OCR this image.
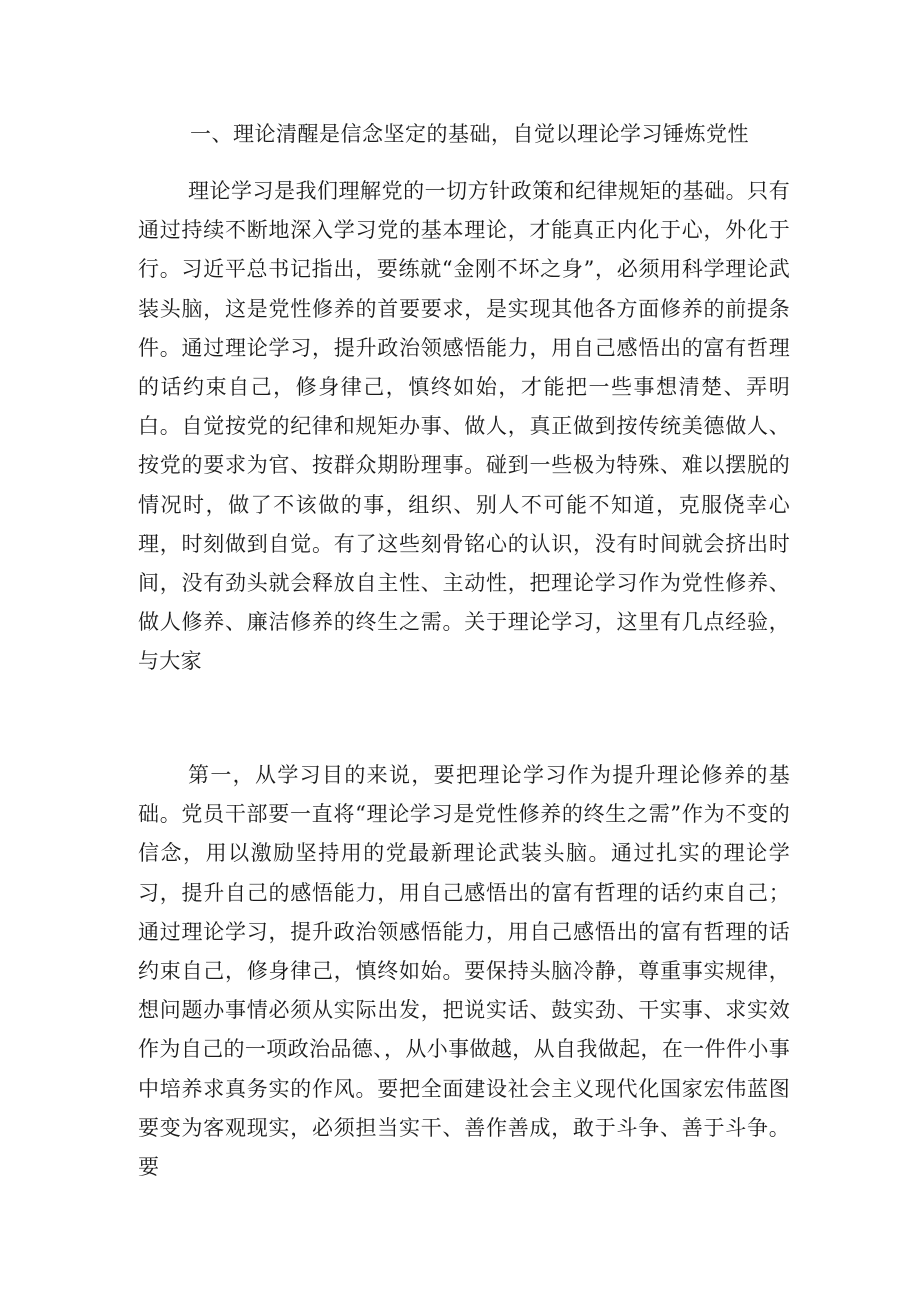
一、理论清醒是信念坚定的基础，自觉以理论学习锤炼党性

理论学习是我们理解党的一切方针政策和纪律规矩的基础。只有通过持续不断地深入学习党的基本理论，才能真正内化于心，外化于行。习近平总书记指出，要练就“金刚不坏之身”，必须用科学理论武装头脑，这是党性修养的首要要求，是实现其他各方面修养的前提条件。通过理论学习，提升政治领感悟能力，用自己感悟出的富有哲理的话约束自己，修身律己，慎终如始，才能把一些事想清楚、弄明白。自觉按党的纪律和规矩办事、做人，真正做到按传统美德做人、按党的要求为官、按群众期盼理事。碰到一些极为特殊、难以摆脱的情况时，做了不该做的事，组织、别人不可能不知道，克服侥幸心理，时刻做到自觉。有了这些刻骨铭心的认识，没有时间就会挤出时间，没有劲头就会释放自主性、主动性，把理论学习作为党性修养、做人修养、廉洁修养的终生之需。关于理论学习，这里有几点经验，与大家

第一，从学习目的来说，要把理论学习作为提升理论修养的基础。党员干部要一直将“理论学习是党性修养的终生之需”作为不变的信念，用以激励坚持用的党最新理论武装头脑。通过扎实的理论学习，提升自己的感悟能力，用自己感悟出的富有哲理的话约束自己；通过理论学习，提升政治领感悟能力，用自己感悟出的富有哲理的话约束自己，修身律己，慎终如始。要保持头脑冷静，尊重事实规律，想问题办事情必须从实际出发，把说实话、鼓实劲、干实事、求实效作为自己的一项政治品德、，从小事做越，从自我做起，在一件件小事中培养求真务实的作风。要把全面建设社会主义现代化国家宏伟蓝图要变为客观现实，必须担当实干、善作善成，敢于斗争、善于斗争。要
